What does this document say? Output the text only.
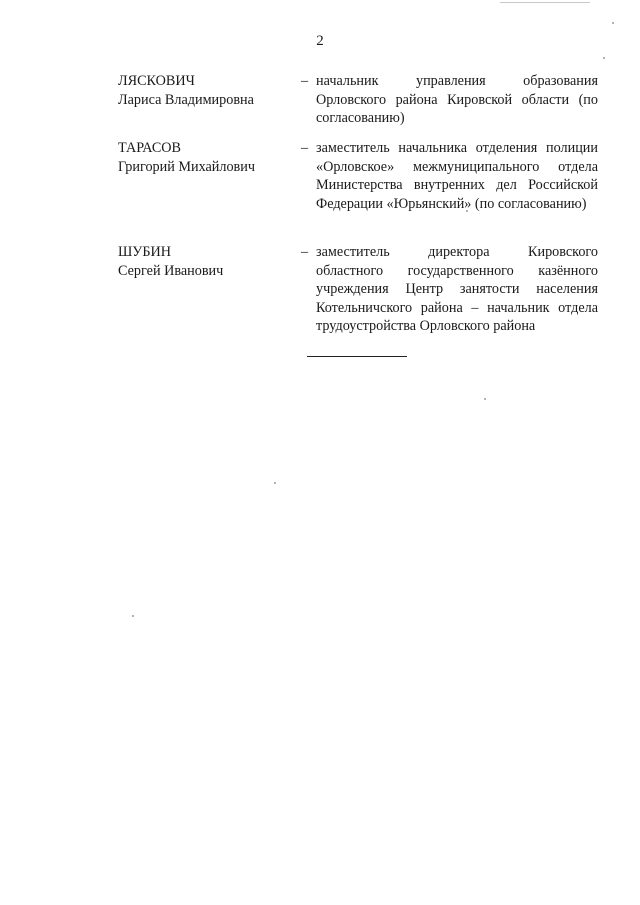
2
ЛЯСКОВИЧ
Лариса Владимировна
– начальник управления образования Орловского района Кировской области (по согласованию)
ТАРАСОВ
Григорий Михайлович
– заместитель начальника отделения полиции «Орловское» межмуниципального отдела Министерства внутренних дел Российской Федерации «Юрьянский» (по согласованию)
ШУБИН
Сергей Иванович
– заместитель директора Кировского областного государственного казённого учреждения Центр занятости населения Котельничского района – начальник отдела трудоустройства Орловского района
